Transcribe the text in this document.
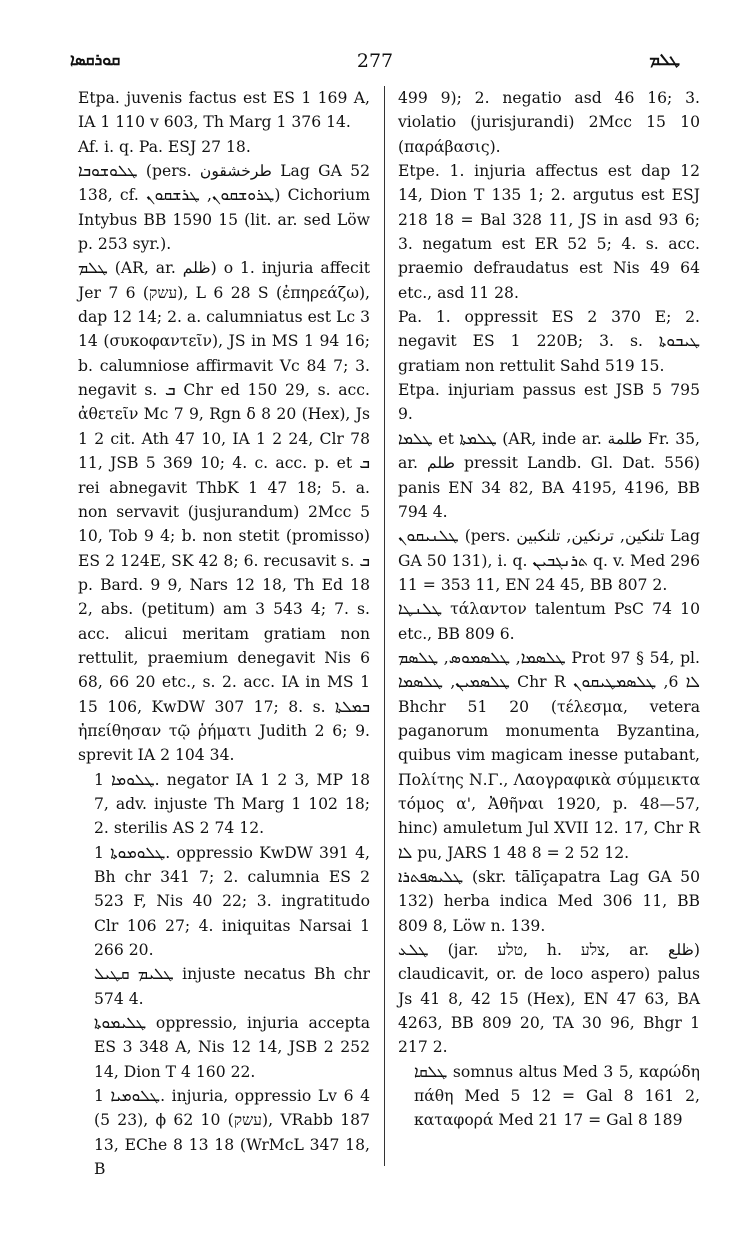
ܩܘܪܩܣܐ	277	ܛܠܡ

Etpa. juvenis factus est ES 1 169 A, IA 1 110 v 603, Th Marg 1 376 14.

Af. i. q. Pa. ESJ 27 18.

ܛܠܘܫܘܒܐ (pers. ﻃﺮﺧﺸﻘﻮﻥ Lag GA 52 138, cf. ܛܪܘܫܩܘܢ, ܛܪܫܩܘܢ) Cichorium Intybus BB 1590 15 (lit. ar. sed Löw p. 253 syr.).

ܛܠܡ (AR, ar. ﻇﻠﻢ) o 1. injuria affecit Jer 7 6 (עשק), L 6 28 S (ἐπηρεάζω), dap 12 14; 2. a. calumniatus est Lc 3 14 (συκοφαντεῖν), JS in MS 1 94 16; b. calumniose affirmavit Vc 84 7; 3. negavit s. ܒ Chr ed 150 29, s. acc. ἀθετεῖν Mc 7 9, Rgn δ 8 20 (Hex), Js 1 2 cit. Ath 47 10, IA 1 2 24, Clr 78 11, JSB 5 369 10; 4. c. acc. p. et ܒ rei abnegavit ThbK 1 47 18; 5. a. non servavit (jusjurandum) 2Mcc 5 10, Tob 9 4; b. non stetit (promisso) ES 2 124E, SK 42 8; 6. recusavit s. ܒ p. Bard. 9 9, Nars 12 18, Th Ed 18 2, abs. (petitum) am 3 543 4; 7. s. acc. alicui meritam gratiam non rettulit, praemium denegavit Nis 6 68, 66 20 etc., s. 2. acc. IA in MS 1 15 106, KwDW 307 17; 8. s. ܒܡܠܬܐ ἠπείθησαν τῷ ῥήματι Judith 2 6; 9. sprevit IA 2 104 34.

ܛܠܘܡܐ 1. negator IA 1 2 3, MP 18 7, adv. injuste Th Marg 1 102 18; 2. sterilis AS 2 74 12.

ܛܠܘܡܘܬܐ 1. oppressio KwDW 391 4, Bh chr 341 7; 2. calumnia ES 2 523 F, Nis 40 22; 3. ingratitudo Clr 106 27; 4. iniquitas Narsai 1 266 20.

ܛܠܝܡ ܩܛܝܠ injuste necatus Bh chr 574 4.

ܛܠܝܡܘܬܐ oppressio, injuria accepta ES 3 348 A, Nis 12 14, JSB 2 252 14, Dion T 4 160 22.

ܛܠܘܡܝܐ 1. injuria, oppressio Lv 6 4 (5 23), ϕ 62 10 (עשק), VRabb 187 13, EChe 8 13 18 (WrMcL 347 18, B

499 9); 2. negatio asd 46 16; 3. violatio (jurisjurandi) 2Mcc 15 10 (παράβασις).

Etpe. 1. injuria affectus est dap 12 14, Dion T 135 1; 2. argutus est ESJ 218 18 = Bal 328 11, JS in asd 93 6; 3. negatum est ER 52 5; 4. s. acc. praemio defraudatus est Nis 49 64 etc., asd 11 28.

Pa. 1. oppressit ES 2 370 E; 2. negavit ES 1 220B; 3. s. ܛܝܒܘܬܐ gratiam non rettulit Sahd 519 15.

Etpa. injuriam passus est JSB 5 795 9.

ܛܠܡܐ et ܛܠܡܬܐ (AR, inde ar. ﻃﻠﻤﺔ Fr. 35, ar. ﻃﻠﻢ pressit Landb. Gl. Dat. 556) panis EN 34 82, BA 4195, 4196, BB 794 4.

ܛܠܢܝܩܘܢ (pers. ﺗﻠﻨﻜﻴﻦ, ﺗﺮﻧﻜﻴﻦ, ﺗﻠﻨﻜﺒﻴﻦ Lag GA 50 131), i. q. ܬܪܢܓܒܝܢ q. v. Med 296 11 = 353 11, EN 24 45, BB 807 2.

ܛܠܢܛܐ τάλαντον talentum PsC 74 10 etc., BB 809 6.

ܛܠܣܡܐ, ܛܠܣܡܘܣ, ܛܠܣܡ Prot 97 § 54, pl. ܛܠܣܡܝܢ, ܛܠܣܡܐ Chr R ܠܐ 6, ܛܠܣܡܛܝܩܘܢ Bhchr 51 20 (τέλεσμα, vetera paganorum monumenta Byzantina, quibus vim magicam inesse putabant, Πολίτης Ν.Γ., Λαογραφικὰ σύμμεικτα τόμος α', Ἀθῆναι 1920, p. 48—57, hinc) amuletum Jul XVII 12. 17, Chr R ܠܐ pu, JARS 1 48 8 = 2 52 12.

ܛܠܝܣܦܬܪܐ (skr. tālīçapatra Lag GA 50 132) herba indica Med 306 11, BB 809 8, Löw n. 139.

ܛܠܥ (jar. טלע, h. צלע, ar. ﻇﻠﻊ) claudicavit, or. de loco aspero) palus Js 41 8, 42 15 (Hex), EN 47 63, BA 4263, BB 809 20, TA 30 96, Bhgr 1 217 2.

ܛܠܩܐ somnus altus Med 3 5, καρώδη πάθη Med 5 12 = Gal 8 161 2, καταφορά Med 21 17 = Gal 8 189
